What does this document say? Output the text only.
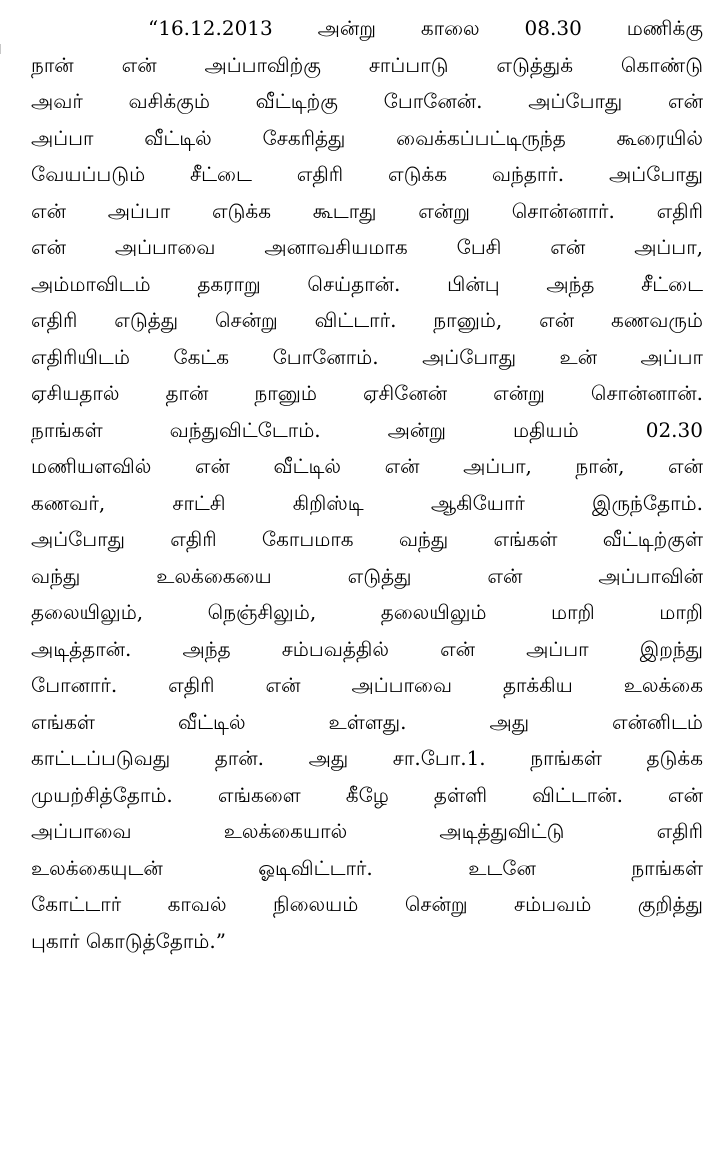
“16.12.2013 அன்று காலை 08.30 மணிக்கு
நான் என் அப்பாவிற்கு சாப்பாடு எடுத்துக் கொண்டு
அவர் வசிக்கும் வீட்டிற்கு போனேன். அப்போது என்
அப்பா வீட்டில் சேகரித்து வைக்கப்பட்டிருந்த கூரையில்
வேயப்படும் சீட்டை எதிரி எடுக்க வந்தார். அப்போது
என் அப்பா எடுக்க கூடாது என்று சொன்னார். எதிரி
என் அப்பாவை அனாவசியமாக பேசி என் அப்பா,
அம்மாவிடம் தகராறு செய்தான். பின்பு அந்த சீட்டை
எதிரி எடுத்து சென்று விட்டார். நானும், என் கணவரும்
எதிரியிடம் கேட்க போனோம். அப்போது உன் அப்பா
ஏசியதால் தான் நானும் ஏசினேன் என்று சொன்னான்.
நாங்கள் வந்துவிட்டோம். அன்று மதியம் 02.30
மணியளவில் என் வீட்டில் என் அப்பா, நான், என்
கணவர், சாட்சி கிறிஸ்டி ஆகியோர் இருந்தோம்.
அப்போது எதிரி கோபமாக வந்து எங்கள் வீட்டிற்குள்
வந்து உலக்கையை எடுத்து என் அப்பாவின்
தலையிலும், நெஞ்சிலும், தலையிலும் மாறி மாறி
அடித்தான். அந்த சம்பவத்தில் என் அப்பா இறந்து
போனார். எதிரி என் அப்பாவை தாக்கிய உலக்கை
எங்கள் வீட்டில் உள்ளது. அது என்னிடம்
காட்டப்படுவது தான். அது சா.போ.1. நாங்கள் தடுக்க
முயற்சித்தோம். எங்களை கீழே தள்ளி விட்டான். என்
அப்பாவை உலக்கையால் அடித்துவிட்டு எதிரி
உலக்கையுடன் ஓடிவிட்டார். உடனே நாங்கள்
கோட்டார் காவல் நிலையம் சென்று சம்பவம் குறித்து
புகார் கொடுத்தோம்.”
